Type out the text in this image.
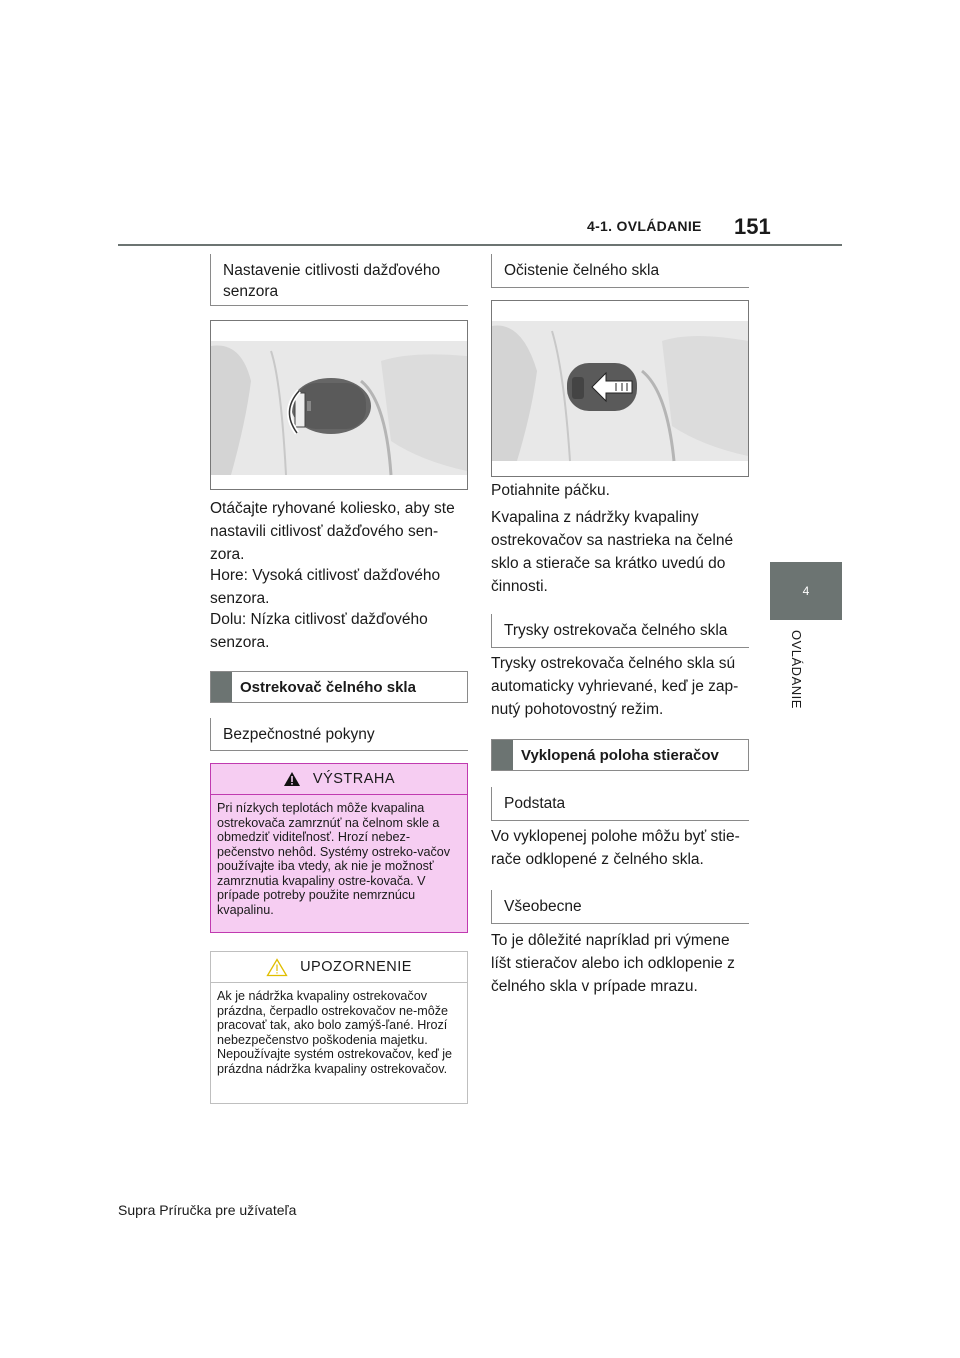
4-1. OVLÁDANIE 151
4
OVLÁDANIE
Nastavenie citlivosti dažďového senzora
Otáčajte ryhované koliesko, aby ste nastavili citlivosť dažďového sen-zora.
Hore: Vysoká citlivosť dažďového senzora.
Dolu: Nízka citlivosť dažďového senzora.
Ostrekovač čelného skla
Bezpečnostné pokyny
VÝSTRAHA
Pri nízkych teplotách môže kvapalina ostrekovača zamrznúť na čelnom skle a obmedziť viditeľnosť. Hrozí nebez-pečenstvo nehôd. Systémy ostreko-vačov používajte iba vtedy, ak nie je možnosť zamrznutia kvapaliny ostre-kovača. V prípade potreby použite nemrznúcu kvapalinu.
UPOZORNENIE
Ak je nádržka kvapaliny ostrekovačov prázdna, čerpadlo ostrekovačov ne-môže pracovať tak, ako bolo zamýš-ľané. Hrozí nebezpečenstvo poškodenia majetku. Nepoužívajte systém ostrekovačov, keď je prázdna nádržka kvapaliny ostrekovačov.
Očistenie čelného skla
Potiahnite páčku.
Kvapalina z nádržky kvapaliny ostrekovačov sa nastrieka na čelné sklo a stierače sa krátko uvedú do činnosti.
Trysky ostrekovača čelného skla
Trysky ostrekovača čelného skla sú automaticky vyhrievané, keď je zap-nutý pohotovostný režim.
Vyklopená poloha stieračov
Podstata
Vo vyklopenej polohe môžu byť stie-rače odklopené z čelného skla.
Všeobecne
To je dôležité napríklad pri výmene líšt stieračov alebo ich odklopenie z čelného skla v prípade mrazu.
Supra Príručka pre užívateľa
